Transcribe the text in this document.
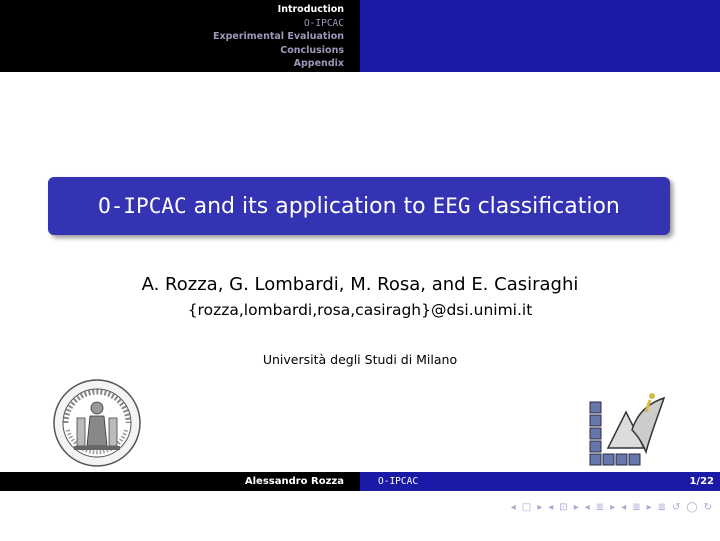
Introduction
O-IPCAC
Experimental Evaluation
Conclusions
Appendix
O-IPCAC and its application to EEG classification
A. Rozza, G. Lombardi, M. Rosa, and E. Casiraghi
{rozza,lombardi,rosa,casiragh}@dsi.unimi.it
Università degli Studi di Milano
Alessandro Rozza	O-IPCAC	1/22
◂ □ ▸ ◂ ⊡ ▸ ◂ ≣ ▸ ◂ ≣ ▸ ≣ ↺ ◯ ↻
